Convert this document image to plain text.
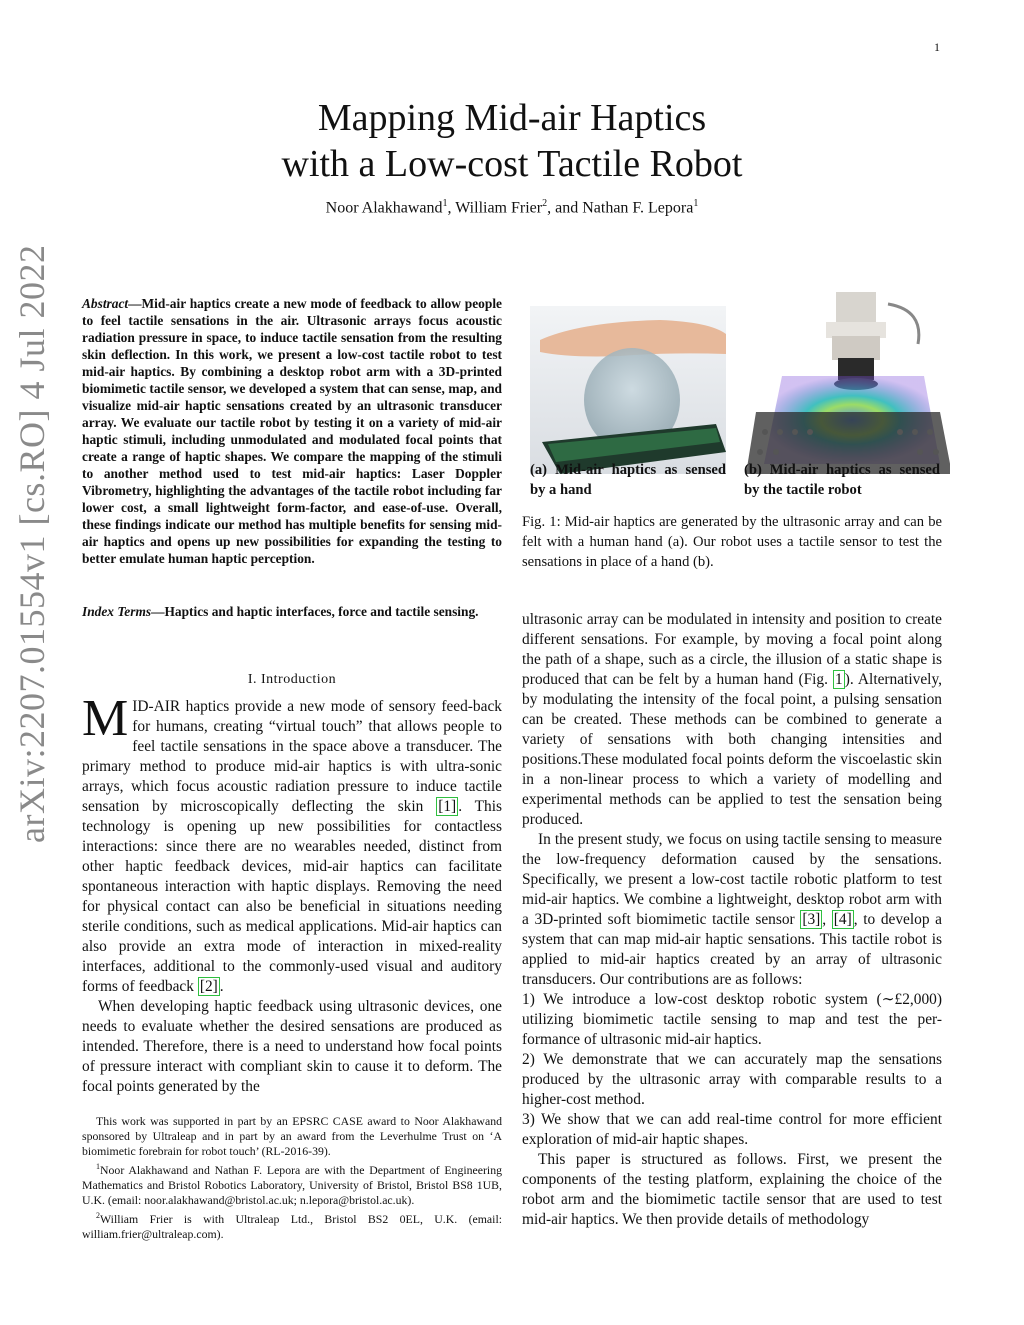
1
arXiv:2207.01554v1 [cs.RO] 4 Jul 2022
Mapping Mid-air Haptics
with a Low-cost Tactile Robot
Noor Alakhawand$^1$, William Frier$^2$, and Nathan F. Lepora$^1$
Abstract—Mid-air haptics create a new mode of feedback to allow people to feel tactile sensations in the air. Ultrasonic arrays focus acoustic radiation pressure in space, to induce tactile sensation from the resulting skin deflection. In this work, we present a low-cost tactile robot to test mid-air haptics. By combining a desktop robot arm with a 3D-printed biomimetic tactile sensor, we developed a system that can sense, map, and visualize mid-air haptic sensations created by an ultrasonic transducer array. We evaluate our tactile robot by testing it on a variety of mid-air haptic stimuli, including unmodulated and modulated focal points that create a range of haptic shapes. We compare the mapping of the stimuli to another method used to test mid-air haptics: Laser Doppler Vibrometry, highlighting the advantages of the tactile robot including far lower cost, a small lightweight form-factor, and ease-of-use. Overall, these findings indicate our method has multiple benefits for sensing mid-air haptics and opens up new possibilities for expanding the testing to better emulate human haptic perception.
Index Terms—Haptics and haptic interfaces, force and tactile sensing.
I. Introduction

MID-AIR haptics provide a new mode of sensory feed-back for humans, creating “virtual touch” that allows people to feel tactile sensations in the space above a transducer. The primary method to produce mid-air haptics is with ultra-sonic arrays, which focus acoustic radiation pressure to induce tactile sensation by microscopically deflecting the skin [1] . This technology is opening up new possibilities for contactless interactions: since there are no wearables needed, distinct from other haptic feedback devices, mid-air haptics can facilitate spontaneous interaction with haptic displays. Removing the need for physical contact can also be beneficial in situations needing sterile conditions, such as medical applications. Mid-air haptics can also provide an extra mode of interaction in mixed-reality interfaces, additional to the commonly-used visual and auditory forms of feedback [2] .

When developing haptic feedback using ultrasonic devices, one needs to evaluate whether the desired sensations are produced as intended. Therefore, there is a need to understand how focal points of pressure interact with compliant skin to cause it to deform. The focal points generated by the

This work was supported in part by an EPSRC CASE award to Noor Alakhawand sponsored by Ultraleap and in part by an award from the Leverhulme Trust on ‘A biomimetic forebrain for robot touch’ (RL-2016-39).

$^1$Noor Alakhawand and Nathan F. Lepora are with the Department of Engineering Mathematics and Bristol Robotics Laboratory, University of Bristol, Bristol BS8 1UB, U.K. (email: noor.alakhawand@bristol.ac.uk; n.lepora@bristol.ac.uk).

$^2$William Frier is with Ultraleap Ltd., Bristol BS2 0EL, U.K. (email: william.frier@ultraleap.com).

(a) Mid-air haptics as sensed by a hand
(b) Mid-air haptics as sensed by the tactile robot
Fig. 1: Mid-air haptics are generated by the ultrasonic array and can be felt with a human hand (a). Our robot uses a tactile sensor to test the sensations in place of a hand (b).

ultrasonic array can be modulated in intensity and position to create different sensations. For example, by moving a focal point along the path of a shape, such as a circle, the illusion of a static shape is produced that can be felt by a human hand (Fig. 1 ). Alternatively, by modulating the intensity of the focal point, a pulsing sensation can be created. These methods can be combined to generate a variety of sensations with both changing intensities and positions.These modulated focal points deform the viscoelastic skin in a non-linear process to which a variety of modelling and experimental methods can be applied to test the sensation being produced.

In the present study, we focus on using tactile sensing to measure the low-frequency deformation caused by the sensations. Specifically, we present a low-cost tactile robotic platform to test mid-air haptics. We combine a lightweight, desktop robot arm with a 3D-printed soft biomimetic tactile sensor [3] , [4] , to develop a system that can map mid-air haptic sensations. This tactile robot is applied to mid-air haptics created by an array of ultrasonic transducers. Our contributions are as follows:

1) We introduce a low-cost desktop robotic system (∼£2,000) utilizing biomimetic tactile sensing to map and test the per-formance of ultrasonic mid-air haptics.

2) We demonstrate that we can accurately map the sensations produced by the ultrasonic array with comparable results to a higher-cost method.

3) We show that we can add real-time control for more efficient exploration of mid-air haptic shapes.

This paper is structured as follows. First, we present the components of the testing platform, explaining the choice of the robot arm and the biomimetic tactile sensor that are used to test mid-air haptics. We then provide details of methodology
